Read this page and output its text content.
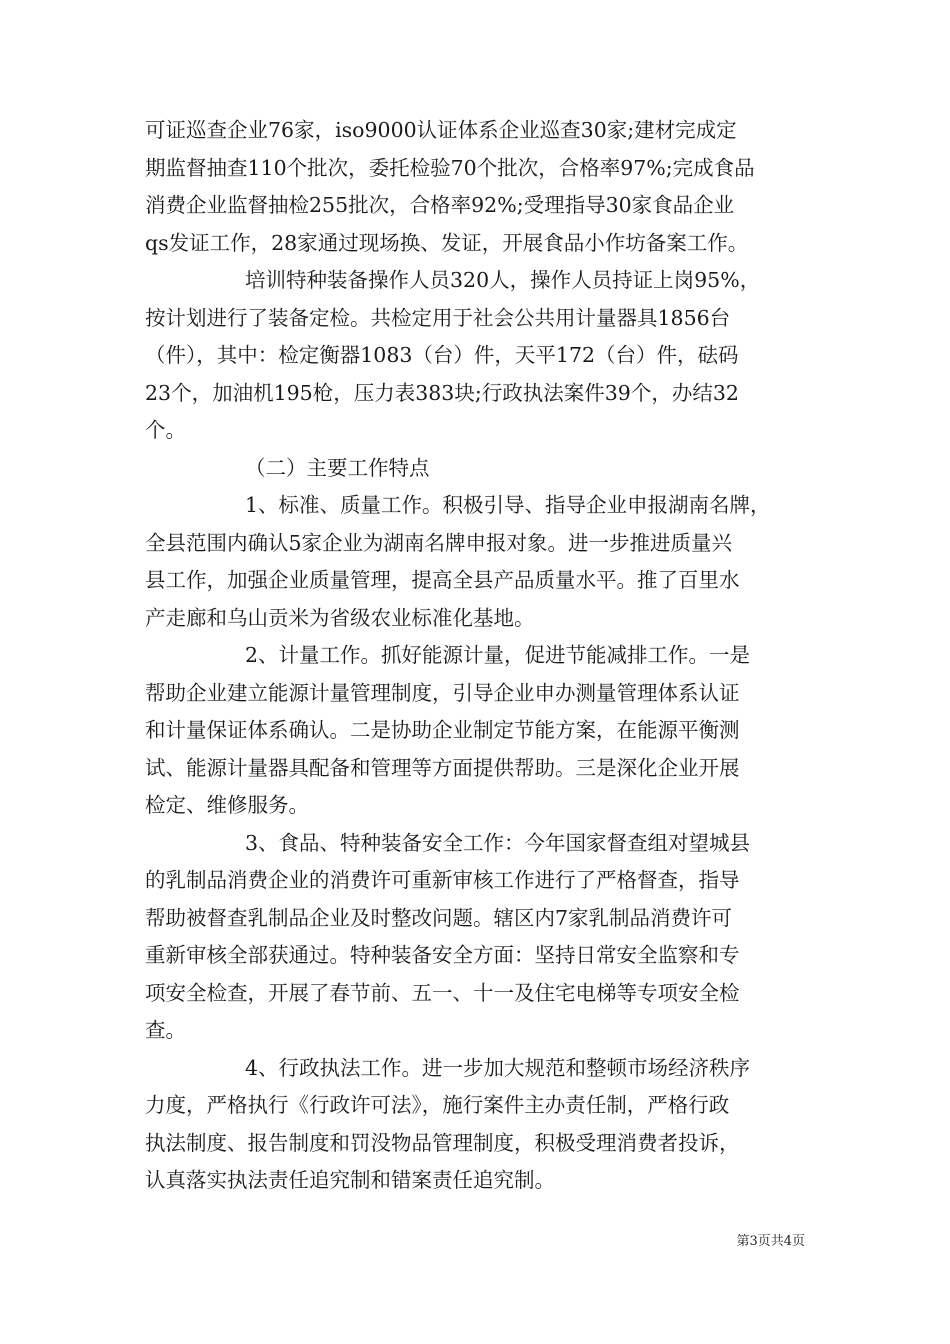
可证巡查企业76家，iso9000认证体系企业巡查30家;建材完成定
期监督抽查110个批次，委托检验70个批次，合格率97%;完成食品
消费企业监督抽检255批次，合格率92%;受理指导30家食品企业
qs发证工作，28家通过现场换、发证，开展食品小作坊备案工作。
培训特种装备操作人员320人，操作人员持证上岗95%，
按计划进行了装备定检。共检定用于社会公共用计量器具1856台
（件），其中：检定衡器1083（台）件，天平172（台）件，砝码
23个，加油机195枪，压力表383块;行政执法案件39个，办结32
个。
（二）主要工作特点
1、标准、质量工作。积极引导、指导企业申报湖南名牌，
全县范围内确认5家企业为湖南名牌申报对象。进一步推进质量兴
县工作，加强企业质量管理，提高全县产品质量水平。推了百里水
产走廊和乌山贡米为省级农业标准化基地。
2、计量工作。抓好能源计量，促进节能减排工作。一是
帮助企业建立能源计量管理制度，引导企业申办测量管理体系认证
和计量保证体系确认。二是协助企业制定节能方案，在能源平衡测
试、能源计量器具配备和管理等方面提供帮助。三是深化企业开展
检定、维修服务。
3、食品、特种装备安全工作：今年国家督查组对望城县
的乳制品消费企业的消费许可重新审核工作进行了严格督查，指导
帮助被督查乳制品企业及时整改问题。辖区内7家乳制品消费许可
重新审核全部获通过。特种装备安全方面：坚持日常安全监察和专
项安全检查，开展了春节前、五一、十一及住宅电梯等专项安全检
查。
4、行政执法工作。进一步加大规范和整顿市场经济秩序
力度，严格执行《行政许可法》，施行案件主办责任制，严格行政
执法制度、报告制度和罚没物品管理制度，积极受理消费者投诉，
认真落实执法责任追究制和错案责任追究制。
第3页共4页
